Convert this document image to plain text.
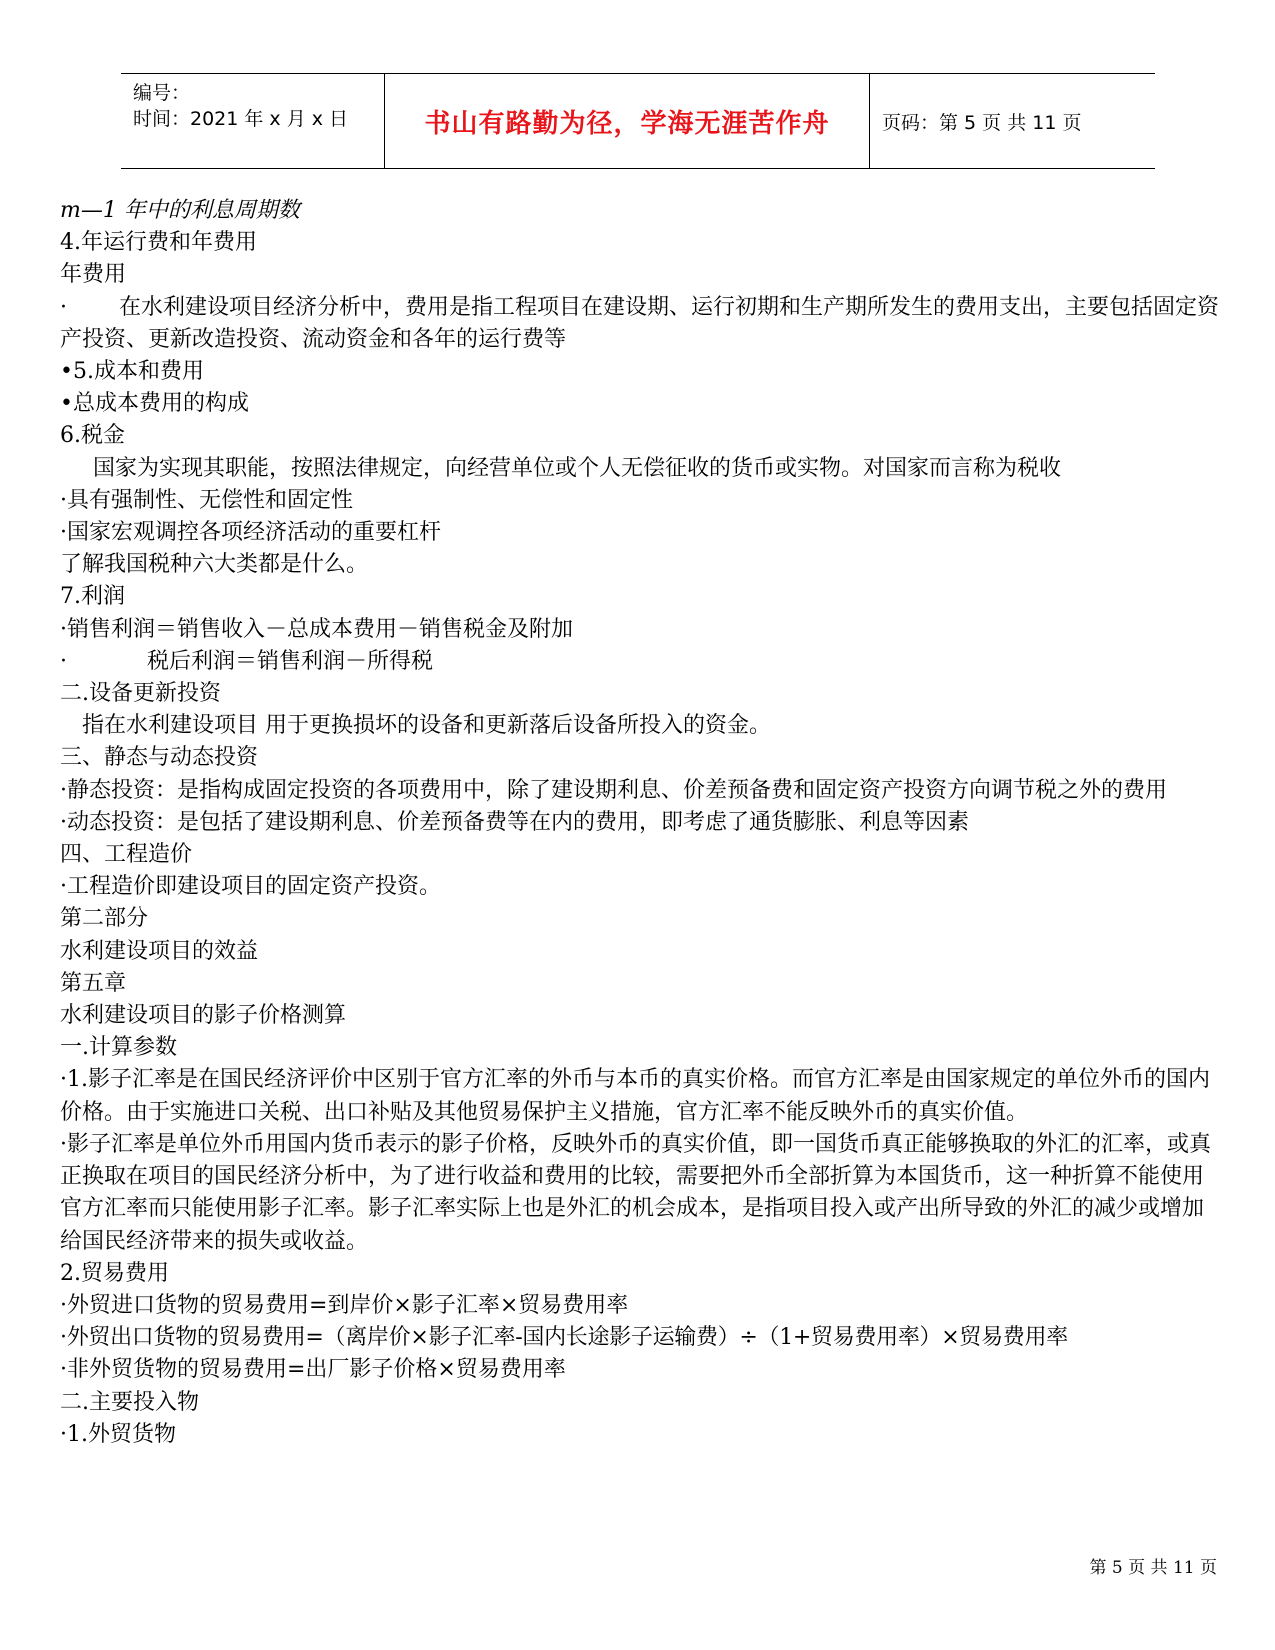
编号：
时间：2021 年 x 月 x 日	书山有路勤为径，学海无涯苦作舟	页码：第 5 页 共 11 页
m—1 年中的利息周期数
4.年运行费和年费用
年费用
· 在水利建设项目经济分析中，费用是指工程项目在建设期、运行初期和生产期所发生的费用支出，主要包括固定资产投资、更新改造投资、流动资金和各年的运行费等
•5.成本和费用
•总成本费用的构成
6.税金
国家为实现其职能，按照法律规定，向经营单位或个人无偿征收的货币或实物。对国家而言称为税收
·具有强制性、无偿性和固定性
·国家宏观调控各项经济活动的重要杠杆
了解我国税种六大类都是什么。
7.利润
·销售利润＝销售收入－总成本费用－销售税金及附加
·	税后利润＝销售利润－所得税
二.设备更新投资
指在水利建设项目 用于更换损坏的设备和更新落后设备所投入的资金。
三、静态与动态投资
·静态投资：是指构成固定投资的各项费用中，除了建设期利息、价差预备费和固定资产投资方向调节税之外的费用
·动态投资：是包括了建设期利息、价差预备费等在内的费用，即考虑了通货膨胀、利息等因素
四、工程造价
·工程造价即建设项目的固定资产投资。
第二部分
水利建设项目的效益
第五章
水利建设项目的影子价格测算
一.计算参数
·1.影子汇率是在国民经济评价中区别于官方汇率的外币与本币的真实价格。而官方汇率是由国家规定的单位外币的国内价格。由于实施进口关税、出口补贴及其他贸易保护主义措施，官方汇率不能反映外币的真实价值。
·影子汇率是单位外币用国内货币表示的影子价格，反映外币的真实价值，即一国货币真正能够换取的外汇的汇率，或真正换取在项目的国民经济分析中，为了进行收益和费用的比较，需要把外币全部折算为本国货币，这一种折算不能使用官方汇率而只能使用影子汇率。影子汇率实际上也是外汇的机会成本，是指项目投入或产出所导致的外汇的减少或增加给国民经济带来的损失或收益。
2.贸易费用
·外贸进口货物的贸易费用=到岸价×影子汇率×贸易费用率
·外贸出口货物的贸易费用=（离岸价×影子汇率-国内长途影子运输费）÷（1+贸易费用率）×贸易费用率
·非外贸货物的贸易费用=出厂影子价格×贸易费用率
二.主要投入物
·1.外贸货物
第 5 页 共 11 页
